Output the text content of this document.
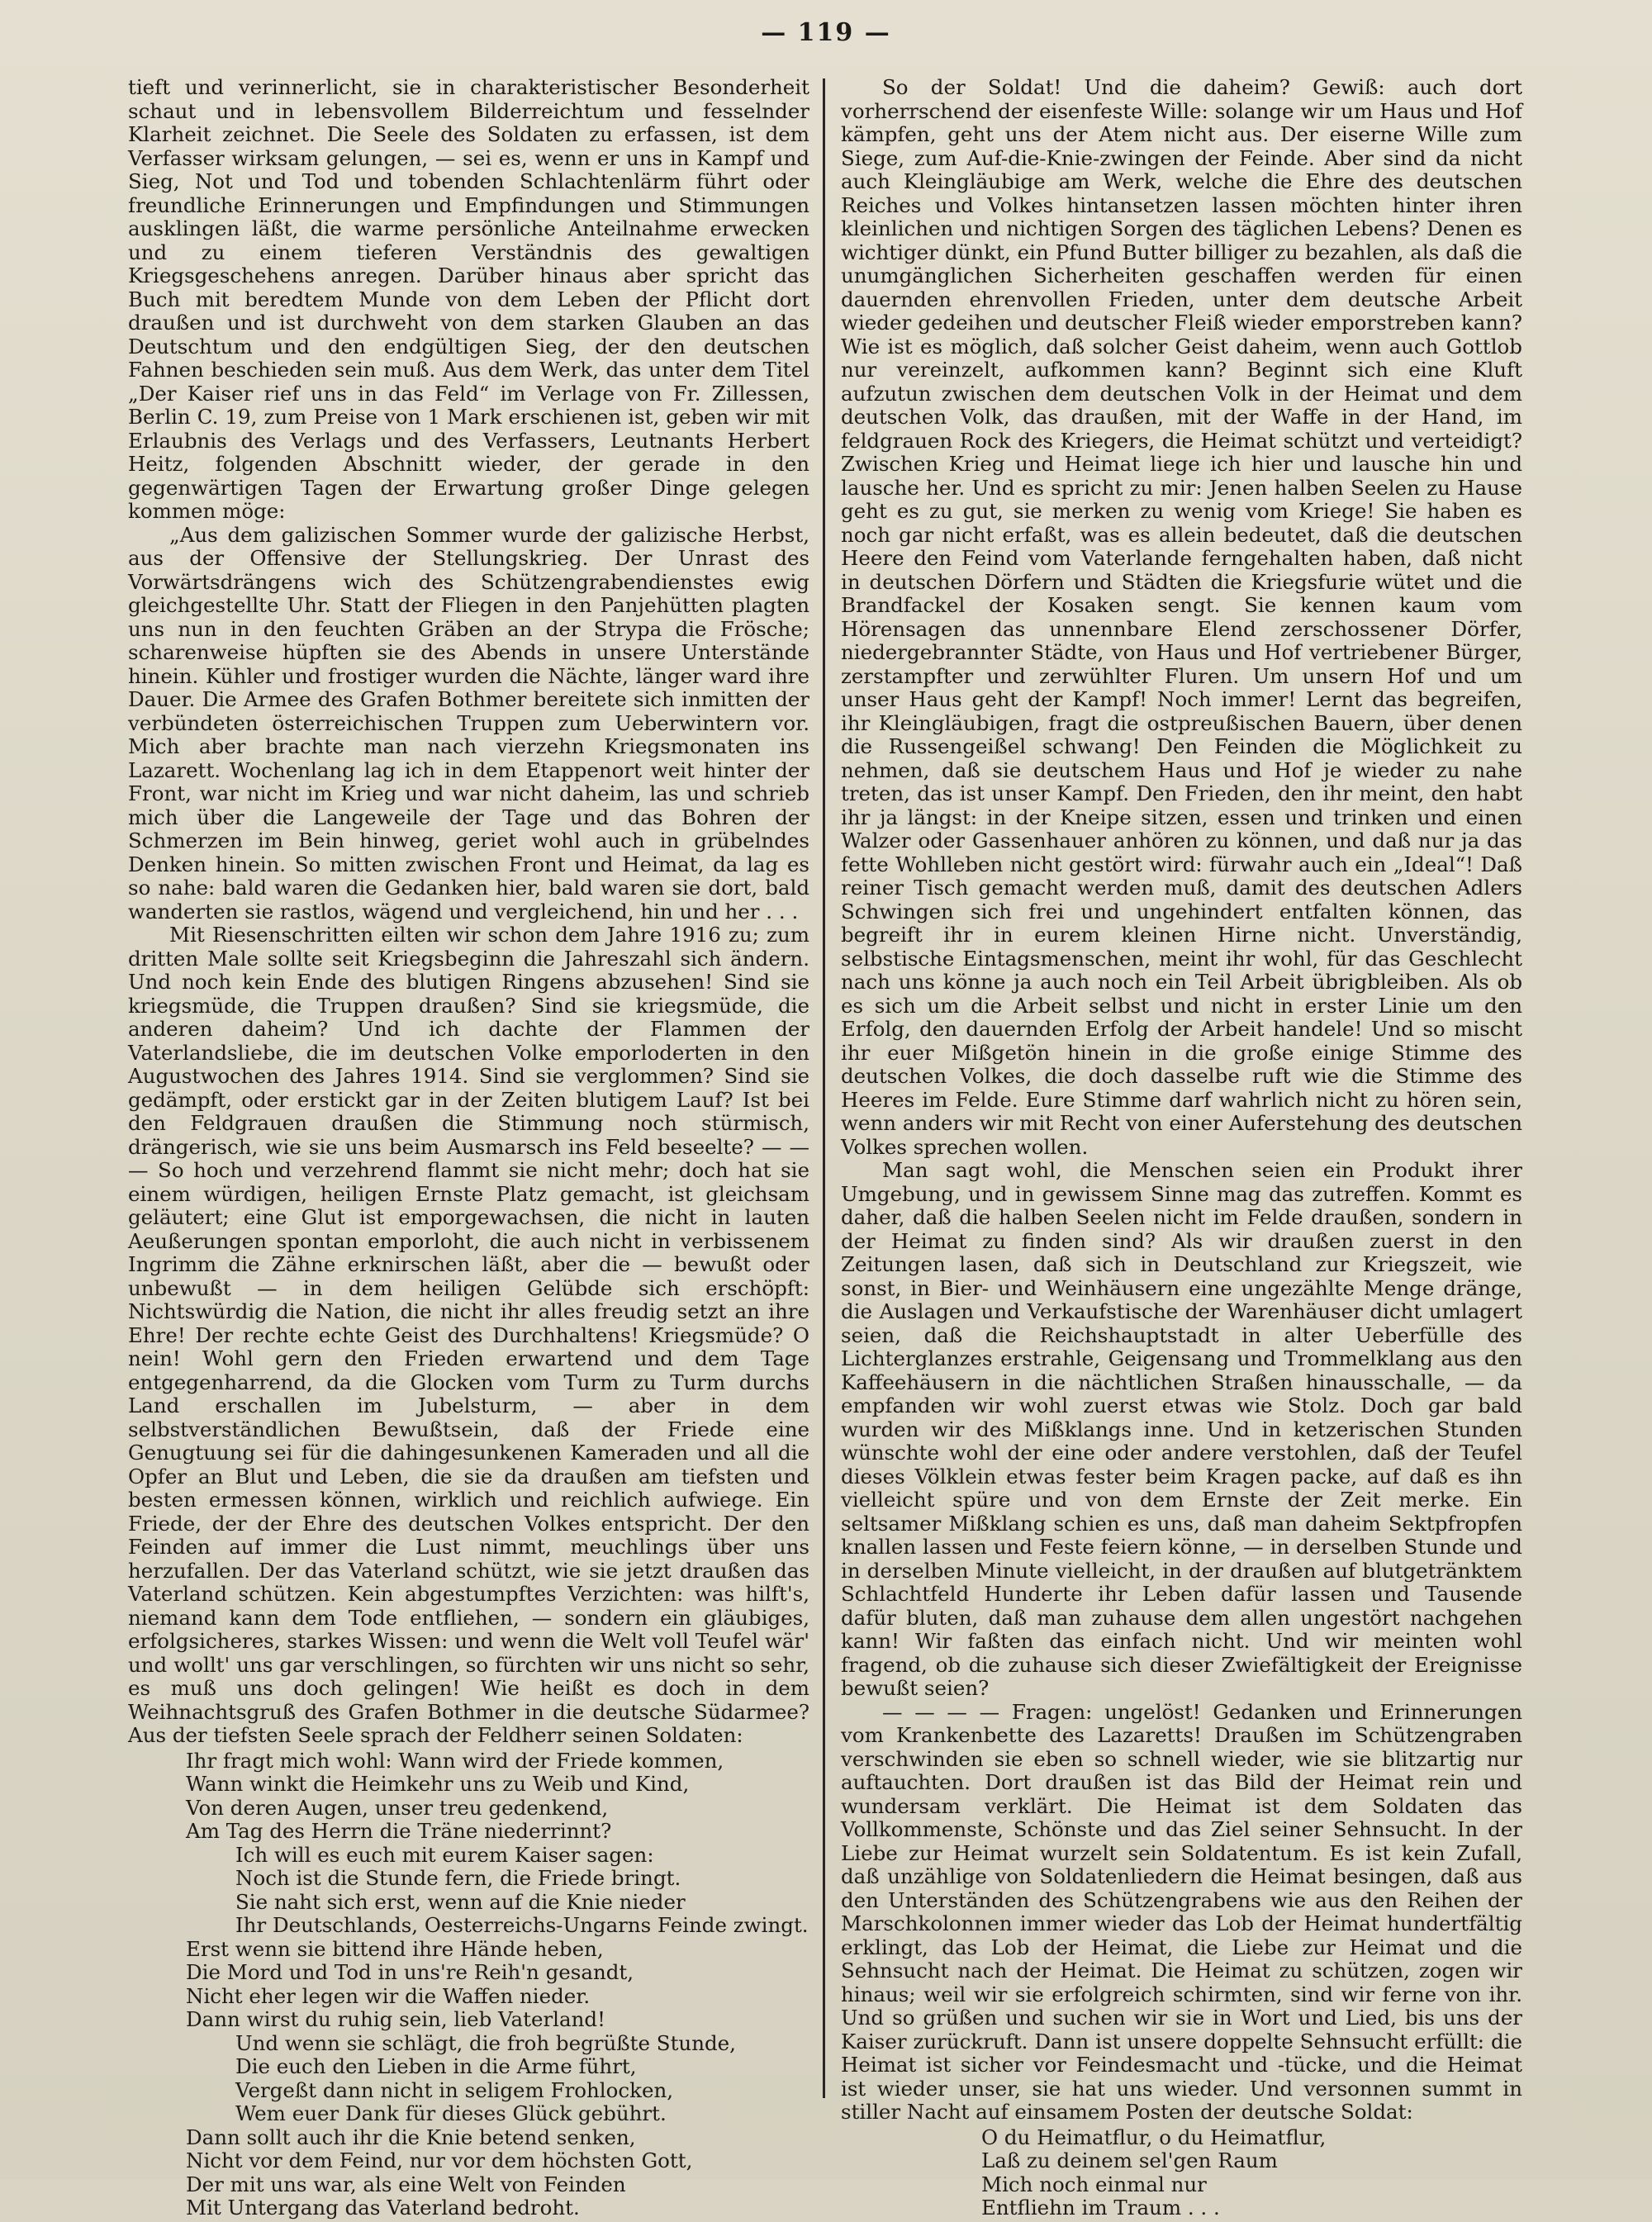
— 119 —

tieft und verinnerlicht, sie in charakteristischer Besonderheit schaut und in lebensvollem Bilderreichtum und fesselnder Klarheit zeichnet. Die Seele des Soldaten zu erfassen, ist dem Verfasser wirksam gelungen, — sei es, wenn er uns in Kampf und Sieg, Not und Tod und tobenden Schlachtenlärm führt oder freundliche Erinnerungen und Empfindungen und Stimmungen ausklingen läßt, die warme persönliche Anteilnahme erwecken und zu einem tieferen Verständnis des gewaltigen Kriegsgeschehens anregen. Darüber hinaus aber spricht das Buch mit beredtem Munde von dem Leben der Pflicht dort draußen und ist durchweht von dem starken Glauben an das Deutschtum und den endgültigen Sieg, der den deutschen Fahnen beschieden sein muß. Aus dem Werk, das unter dem Titel „Der Kaiser rief uns in das Feld“ im Verlage von Fr. Zillessen, Berlin C. 19, zum Preise von 1 Mark erschienen ist, geben wir mit Erlaubnis des Verlags und des Verfassers, Leutnants Herbert Heitz, folgenden Abschnitt wieder, der gerade in den gegenwärtigen Tagen der Erwartung großer Dinge gelegen kommen möge:

„Aus dem galizischen Sommer wurde der galizische Herbst, aus der Offensive der Stellungskrieg. Der Unrast des Vorwärtsdrängens wich des Schützengrabendienstes ewig gleichgestellte Uhr. Statt der Fliegen in den Panjehütten plagten uns nun in den feuchten Gräben an der Strypa die Frösche; scharenweise hüpften sie des Abends in unsere Unterstände hinein. Kühler und frostiger wurden die Nächte, länger ward ihre Dauer. Die Armee des Grafen Bothmer bereitete sich inmitten der verbündeten österreichischen Truppen zum Ueberwintern vor. Mich aber brachte man nach vierzehn Kriegsmonaten ins Lazarett. Wochenlang lag ich in dem Etappenort weit hinter der Front, war nicht im Krieg und war nicht daheim, las und schrieb mich über die Langeweile der Tage und das Bohren der Schmerzen im Bein hinweg, geriet wohl auch in grübelndes Denken hinein. So mitten zwischen Front und Heimat, da lag es so nahe: bald waren die Gedanken hier, bald waren sie dort, bald wanderten sie rastlos, wägend und vergleichend, hin und her . . .

Mit Riesenschritten eilten wir schon dem Jahre 1916 zu; zum dritten Male sollte seit Kriegsbeginn die Jahreszahl sich ändern. Und noch kein Ende des blutigen Ringens abzusehen! Sind sie kriegsmüde, die Truppen draußen? Sind sie kriegsmüde, die anderen daheim? Und ich dachte der Flammen der Vaterlandsliebe, die im deutschen Volke emporloderten in den Augustwochen des Jahres 1914. Sind sie verglommen? Sind sie gedämpft, oder erstickt gar in der Zeiten blutigem Lauf? Ist bei den Feldgrauen draußen die Stimmung noch stürmisch, drängerisch, wie sie uns beim Ausmarsch ins Feld beseelte? — — — So hoch und verzehrend flammt sie nicht mehr; doch hat sie einem würdigen, heiligen Ernste Platz gemacht, ist gleichsam geläutert; eine Glut ist emporgewachsen, die nicht in lauten Aeußerungen spontan emporloht, die auch nicht in verbissenem Ingrimm die Zähne erknirschen läßt, aber die — bewußt oder unbewußt — in dem heiligen Gelübde sich erschöpft: Nichtswürdig die Nation, die nicht ihr alles freudig setzt an ihre Ehre! Der rechte echte Geist des Durchhaltens! Kriegsmüde? O nein! Wohl gern den Frieden erwartend und dem Tage entgegenharrend, da die Glocken vom Turm zu Turm durchs Land erschallen im Jubelsturm, — aber in dem selbstverständlichen Bewußtsein, daß der Friede eine Genugtuung sei für die dahingesunkenen Kameraden und all die Opfer an Blut und Leben, die sie da draußen am tiefsten und besten ermessen können, wirklich und reichlich aufwiege. Ein Friede, der der Ehre des deutschen Volkes entspricht. Der den Feinden auf immer die Lust nimmt, meuchlings über uns herzufallen. Der das Vaterland schützt, wie sie jetzt draußen das Vaterland schützen. Kein abgestumpftes Verzichten: was hilft's, niemand kann dem Tode entfliehen, — sondern ein gläubiges, erfolgsicheres, starkes Wissen: und wenn die Welt voll Teufel wär' und wollt' uns gar verschlingen, so fürchten wir uns nicht so sehr, es muß uns doch gelingen! Wie heißt es doch in dem Weihnachtsgruß des Grafen Bothmer in die deutsche Südarmee? Aus der tiefsten Seele sprach der Feldherr seinen Soldaten:

Ihr fragt mich wohl: Wann wird der Friede kommen,
Wann winkt die Heimkehr uns zu Weib und Kind,
Von deren Augen, unser treu gedenkend,
Am Tag des Herrn die Träne niederrinnt?
Ich will es euch mit eurem Kaiser sagen:
Noch ist die Stunde fern, die Friede bringt.
Sie naht sich erst, wenn auf die Knie nieder
Ihr Deutschlands, Oesterreichs-Ungarns Feinde zwingt.
Erst wenn sie bittend ihre Hände heben,
Die Mord und Tod in uns're Reih'n gesandt,
Nicht eher legen wir die Waffen nieder.
Dann wirst du ruhig sein, lieb Vaterland!
Und wenn sie schlägt, die froh begrüßte Stunde,
Die euch den Lieben in die Arme führt,
Vergeßt dann nicht in seligem Frohlocken,
Wem euer Dank für dieses Glück gebührt.
Dann sollt auch ihr die Knie betend senken,
Nicht vor dem Feind, nur vor dem höchsten Gott,
Der mit uns war, als eine Welt von Feinden
Mit Untergang das Vaterland bedroht.

So der Soldat! Und die daheim? Gewiß: auch dort vorherrschend der eisenfeste Wille: solange wir um Haus und Hof kämpfen, geht uns der Atem nicht aus. Der eiserne Wille zum Siege, zum Auf-die-Knie-zwingen der Feinde. Aber sind da nicht auch Kleingläubige am Werk, welche die Ehre des deutschen Reiches und Volkes hintansetzen lassen möchten hinter ihren kleinlichen und nichtigen Sorgen des täglichen Lebens? Denen es wichtiger dünkt, ein Pfund Butter billiger zu bezahlen, als daß die unumgänglichen Sicherheiten geschaffen werden für einen dauernden ehrenvollen Frieden, unter dem deutsche Arbeit wieder gedeihen und deutscher Fleiß wieder emporstreben kann? Wie ist es möglich, daß solcher Geist daheim, wenn auch Gottlob nur vereinzelt, aufkommen kann? Beginnt sich eine Kluft aufzutun zwischen dem deutschen Volk in der Heimat und dem deutschen Volk, das draußen, mit der Waffe in der Hand, im feldgrauen Rock des Kriegers, die Heimat schützt und verteidigt? Zwischen Krieg und Heimat liege ich hier und lausche hin und lausche her. Und es spricht zu mir: Jenen halben Seelen zu Hause geht es zu gut, sie merken zu wenig vom Kriege! Sie haben es noch gar nicht erfaßt, was es allein bedeutet, daß die deutschen Heere den Feind vom Vaterlande ferngehalten haben, daß nicht in deutschen Dörfern und Städten die Kriegsfurie wütet und die Brandfackel der Kosaken sengt. Sie kennen kaum vom Hörensagen das unnennbare Elend zerschossener Dörfer, niedergebrannter Städte, von Haus und Hof vertriebener Bürger, zerstampfter und zerwühlter Fluren. Um unsern Hof und um unser Haus geht der Kampf! Noch immer! Lernt das begreifen, ihr Kleingläubigen, fragt die ostpreußischen Bauern, über denen die Russengeißel schwang! Den Feinden die Möglichkeit zu nehmen, daß sie deutschem Haus und Hof je wieder zu nahe treten, das ist unser Kampf. Den Frieden, den ihr meint, den habt ihr ja längst: in der Kneipe sitzen, essen und trinken und einen Walzer oder Gassenhauer anhören zu können, und daß nur ja das fette Wohlleben nicht gestört wird: fürwahr auch ein „Ideal“! Daß reiner Tisch gemacht werden muß, damit des deutschen Adlers Schwingen sich frei und ungehindert entfalten können, das begreift ihr in eurem kleinen Hirne nicht. Unverständig, selbstische Eintagsmenschen, meint ihr wohl, für das Geschlecht nach uns könne ja auch noch ein Teil Arbeit übrigbleiben. Als ob es sich um die Arbeit selbst und nicht in erster Linie um den Erfolg, den dauernden Erfolg der Arbeit handele! Und so mischt ihr euer Mißgetön hinein in die große einige Stimme des deutschen Volkes, die doch dasselbe ruft wie die Stimme des Heeres im Felde. Eure Stimme darf wahrlich nicht zu hören sein, wenn anders wir mit Recht von einer Auferstehung des deutschen Volkes sprechen wollen.

Man sagt wohl, die Menschen seien ein Produkt ihrer Umgebung, und in gewissem Sinne mag das zutreffen. Kommt es daher, daß die halben Seelen nicht im Felde draußen, sondern in der Heimat zu finden sind? Als wir draußen zuerst in den Zeitungen lasen, daß sich in Deutschland zur Kriegszeit, wie sonst, in Bier- und Weinhäusern eine ungezählte Menge dränge, die Auslagen und Verkaufstische der Warenhäuser dicht umlagert seien, daß die Reichshauptstadt in alter Ueberfülle des Lichterglanzes erstrahle, Geigensang und Trommelklang aus den Kaffeehäusern in die nächtlichen Straßen hinausschalle, — da empfanden wir wohl zuerst etwas wie Stolz. Doch gar bald wurden wir des Mißklangs inne. Und in ketzerischen Stunden wünschte wohl der eine oder andere verstohlen, daß der Teufel dieses Völklein etwas fester beim Kragen packe, auf daß es ihn vielleicht spüre und von dem Ernste der Zeit merke. Ein seltsamer Mißklang schien es uns, daß man daheim Sektpfropfen knallen lassen und Feste feiern könne, — in derselben Stunde und in derselben Minute vielleicht, in der draußen auf blutgetränktem Schlachtfeld Hunderte ihr Leben dafür lassen und Tausende dafür bluten, daß man zuhause dem allen ungestört nachgehen kann! Wir faßten das einfach nicht. Und wir meinten wohl fragend, ob die zuhause sich dieser Zwiefältigkeit der Ereignisse bewußt seien?

— — — — Fragen: ungelöst! Gedanken und Erinnerungen vom Krankenbette des Lazaretts! Draußen im Schützengraben verschwinden sie eben so schnell wieder, wie sie blitzartig nur auftauchten. Dort draußen ist das Bild der Heimat rein und wundersam verklärt. Die Heimat ist dem Soldaten das Vollkommenste, Schönste und das Ziel seiner Sehnsucht. In der Liebe zur Heimat wurzelt sein Soldatentum. Es ist kein Zufall, daß unzählige von Soldatenliedern die Heimat besingen, daß aus den Unterständen des Schützengrabens wie aus den Reihen der Marschkolonnen immer wieder das Lob der Heimat hundertfältig erklingt, das Lob der Heimat, die Liebe zur Heimat und die Sehnsucht nach der Heimat. Die Heimat zu schützen, zogen wir hinaus; weil wir sie erfolgreich schirmten, sind wir ferne von ihr. Und so grüßen und suchen wir sie in Wort und Lied, bis uns der Kaiser zurückruft. Dann ist unsere doppelte Sehnsucht erfüllt: die Heimat ist sicher vor Feindesmacht und -tücke, und die Heimat ist wieder unser, sie hat uns wieder. Und versonnen summt in stiller Nacht auf einsamem Posten der deutsche Soldat:

O du Heimatflur, o du Heimatflur,
Laß zu deinem sel'gen Raum
Mich noch einmal nur
Entfliehn im Traum . . .
